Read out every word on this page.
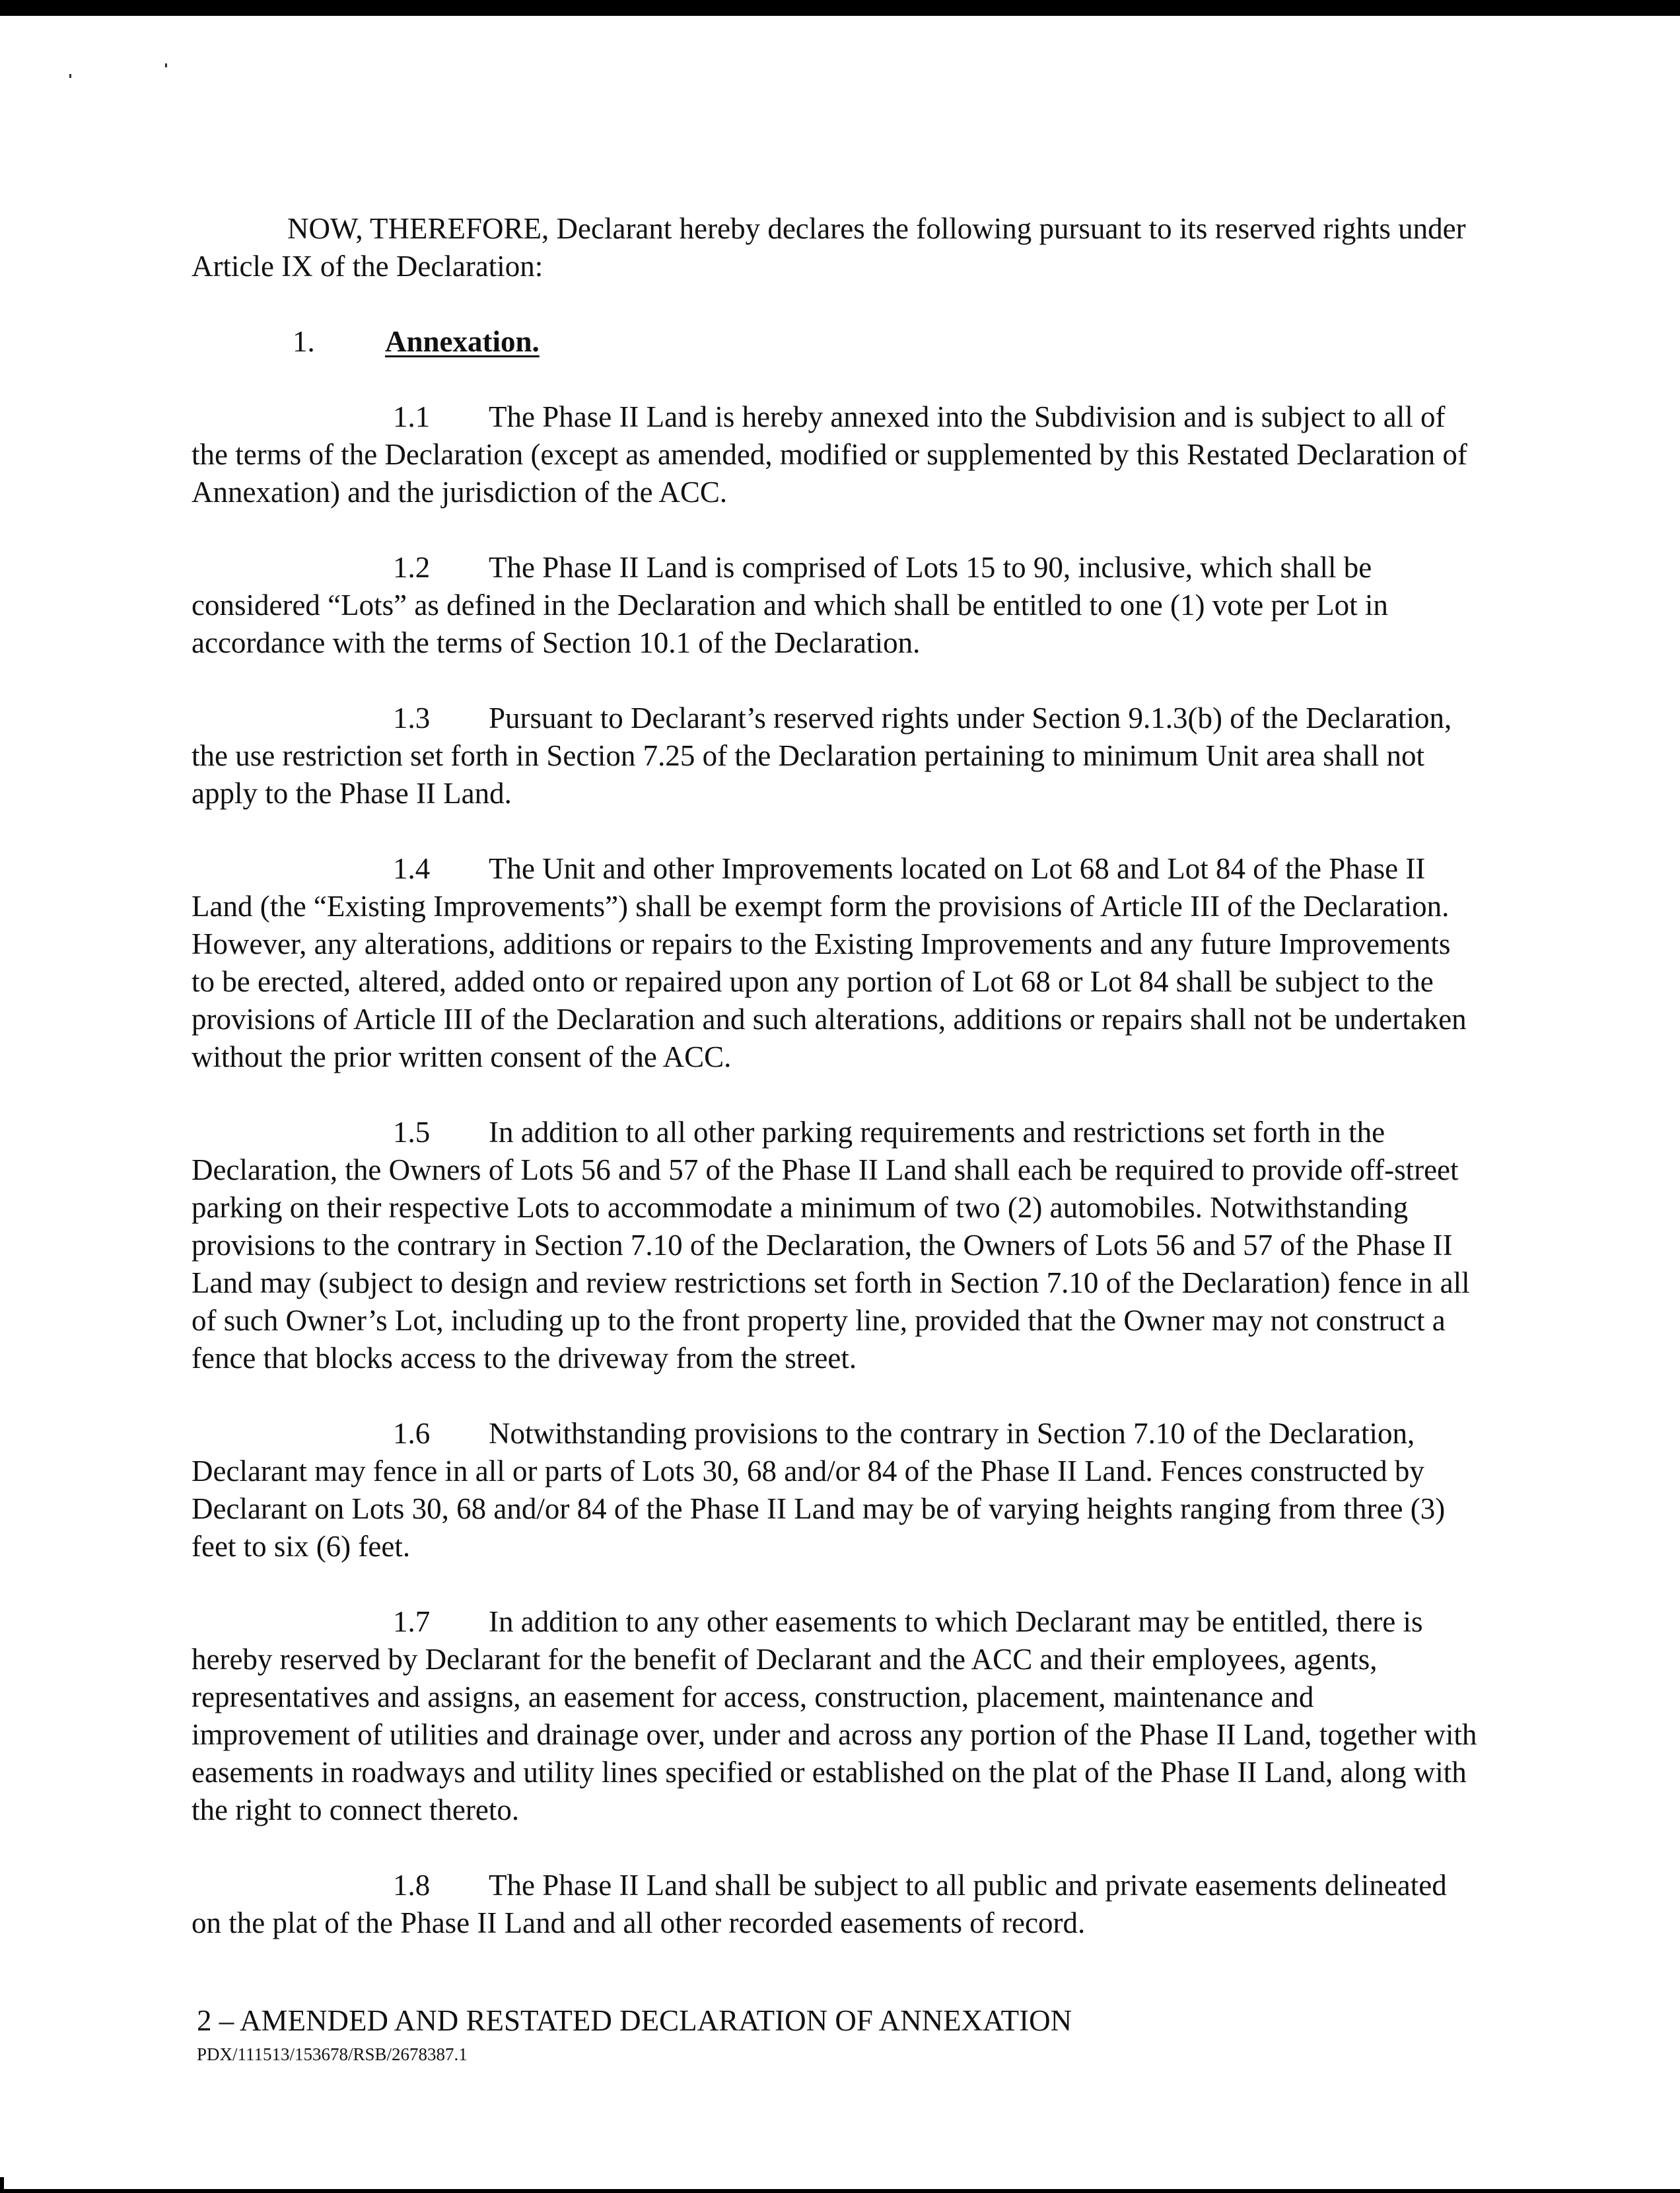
NOW, THEREFORE, Declarant hereby declares the following pursuant to its reserved rights under Article IX of the Declaration:

1.	Annexation.

1.1 The Phase II Land is hereby annexed into the Subdivision and is subject to all of the terms of the Declaration (except as amended, modified or supplemented by this Restated Declaration of Annexation) and the jurisdiction of the ACC.

1.2 The Phase II Land is comprised of Lots 15 to 90, inclusive, which shall be considered “Lots” as defined in the Declaration and which shall be entitled to one (1) vote per Lot in accordance with the terms of Section 10.1 of the Declaration.

1.3 Pursuant to Declarant’s reserved rights under Section 9.1.3(b) of the Declaration, the use restriction set forth in Section 7.25 of the Declaration pertaining to minimum Unit area shall not apply to the Phase II Land.

1.4 The Unit and other Improvements located on Lot 68 and Lot 84 of the Phase II Land (the “Existing Improvements”) shall be exempt form the provisions of Article III of the Declaration. However, any alterations, additions or repairs to the Existing Improvements and any future Improvements to be erected, altered, added onto or repaired upon any portion of Lot 68 or Lot 84 shall be subject to the provisions of Article III of the Declaration and such alterations, additions or repairs shall not be undertaken without the prior written consent of the ACC.

1.5 In addition to all other parking requirements and restrictions set forth in the Declaration, the Owners of Lots 56 and 57 of the Phase II Land shall each be required to provide off-street parking on their respective Lots to accommodate a minimum of two (2) automobiles. Notwithstanding provisions to the contrary in Section 7.10 of the Declaration, the Owners of Lots 56 and 57 of the Phase II Land may (subject to design and review restrictions set forth in Section 7.10 of the Declaration) fence in all of such Owner’s Lot, including up to the front property line, provided that the Owner may not construct a fence that blocks access to the driveway from the street.

1.6 Notwithstanding provisions to the contrary in Section 7.10 of the Declaration, Declarant may fence in all or parts of Lots 30, 68 and/or 84 of the Phase II Land. Fences constructed by Declarant on Lots 30, 68 and/or 84 of the Phase II Land may be of varying heights ranging from three (3) feet to six (6) feet.

1.7 In addition to any other easements to which Declarant may be entitled, there is hereby reserved by Declarant for the benefit of Declarant and the ACC and their employees, agents, representatives and assigns, an easement for access, construction, placement, maintenance and improvement of utilities and drainage over, under and across any portion of the Phase II Land, together with easements in roadways and utility lines specified or established on the plat of the Phase II Land, along with the right to connect thereto.

1.8 The Phase II Land shall be subject to all public and private easements delineated on the plat of the Phase II Land and all other recorded easements of record.

2 – AMENDED AND RESTATED DECLARATION OF ANNEXATION
PDX/111513/153678/RSB/2678387.1
